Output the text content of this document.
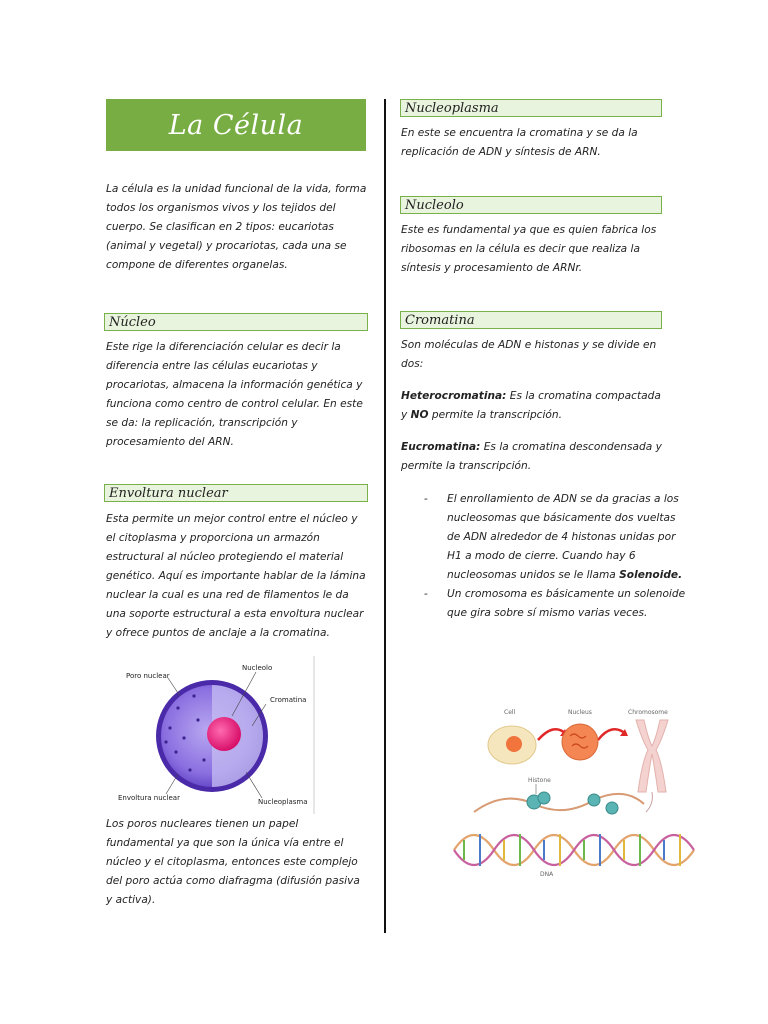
La Célula

La célula es la unidad funcional de la vida, forma todos los organismos vivos y los tejidos del cuerpo. Se clasifican en 2 tipos: eucariotas (animal y vegetal) y procariotas, cada una se compone de diferentes organelas.

Núcleo

Este rige la diferenciación celular es decir la diferencia entre las células eucariotas y procariotas, almacena la información genética y funciona como centro de control celular. En este se da: la replicación, transcripción y procesamiento del ARN.

Envoltura nuclear

Esta permite un mejor control entre el núcleo y el citoplasma y proporciona un armazón estructural al núcleo protegiendo el material genético. Aquí es importante hablar de la lámina nuclear la cual es una red de filamentos le da una soporte estructural a esta envoltura nuclear y ofrece puntos de anclaje a la cromatina.

Poro nuclear
Nucleolo
Cromatina
Envoltura nuclear	Nucleoplasma

Los poros nucleares tienen un papel fundamental ya que son la única vía entre el núcleo y el citoplasma, entonces este complejo del poro actúa como diafragma (difusión pasiva y activa).

Nucleoplasma

En este se encuentra la cromatina y se da la replicación de ADN y síntesis de ARN.

Nucleolo

Este es fundamental ya que es quien fabrica los ribosomas en la célula es decir que realiza la síntesis y procesamiento de ARNr.

Cromatina

Son moléculas de ADN e histonas y se divide en dos:

Heterocromatina: Es la cromatina compactada y NO permite la transcripción.

Eucromatina: Es la cromatina descondensada y permite la transcripción.

- El enrollamiento de ADN se da gracias a los nucleosomas que básicamente dos vueltas de ADN alrededor de 4 histonas unidas por H1 a modo de cierre. Cuando hay 6 nucleosomas unidos se le llama Solenoide.
- Un cromosoma es básicamente un solenoide que gira sobre sí mismo varias veces.
Cell	Nucleus	Chromosome
Histone
DNA
